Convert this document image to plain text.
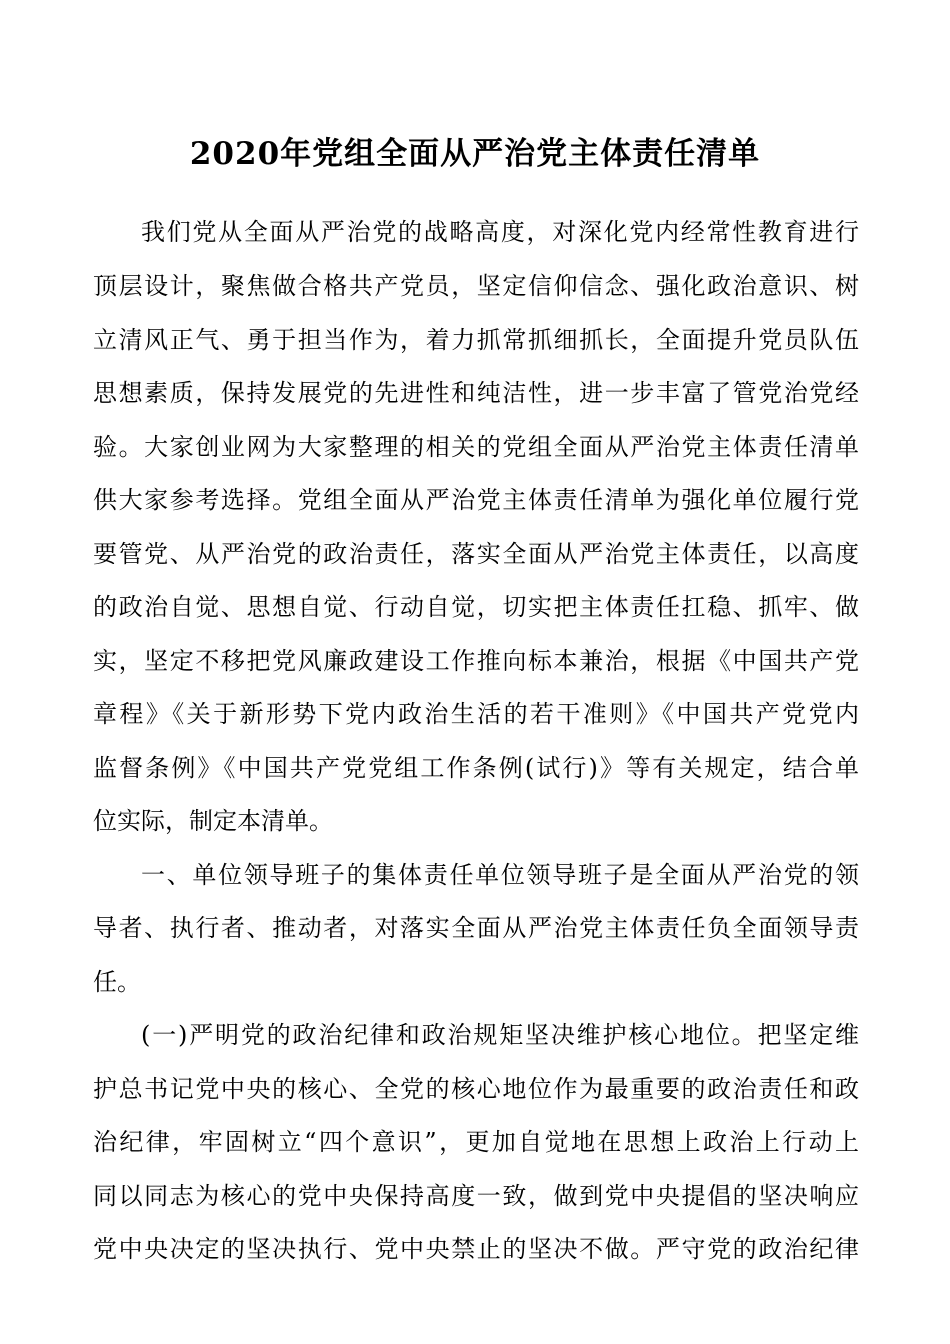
2020年党组全面从严治党主体责任清单
我们党从全面从严治党的战略高度，对深化党内经常性教育进行
顶层设计，聚焦做合格共产党员，坚定信仰信念、强化政治意识、树
立清风正气、勇于担当作为，着力抓常抓细抓长，全面提升党员队伍
思想素质，保持发展党的先进性和纯洁性，进一步丰富了管党治党经
验。大家创业网为大家整理的相关的党组全面从严治党主体责任清单
供大家参考选择。党组全面从严治党主体责任清单为强化单位履行党
要管党、从严治党的政治责任，落实全面从严治党主体责任，以高度
的政治自觉、思想自觉、行动自觉，切实把主体责任扛稳、抓牢、做
实，坚定不移把党风廉政建设工作推向标本兼治，根据《中国共产党
章程》《关于新形势下党内政治生活的若干准则》《中国共产党党内
监督条例》《中国共产党党组工作条例(试行)》等有关规定，结合单
位实际，制定本清单。
一、单位领导班子的集体责任单位领导班子是全面从严治党的领
导者、执行者、推动者，对落实全面从严治党主体责任负全面领导责
任。
(一)严明党的政治纪律和政治规矩坚决维护核心地位。把坚定维
护总书记党中央的核心、全党的核心地位作为最重要的政治责任和政
治纪律，牢固树立“四个意识”，更加自觉地在思想上政治上行动上
同以同志为核心的党中央保持高度一致，做到党中央提倡的坚决响应
党中央决定的坚决执行、党中央禁止的坚决不做。严守党的政治纪律
